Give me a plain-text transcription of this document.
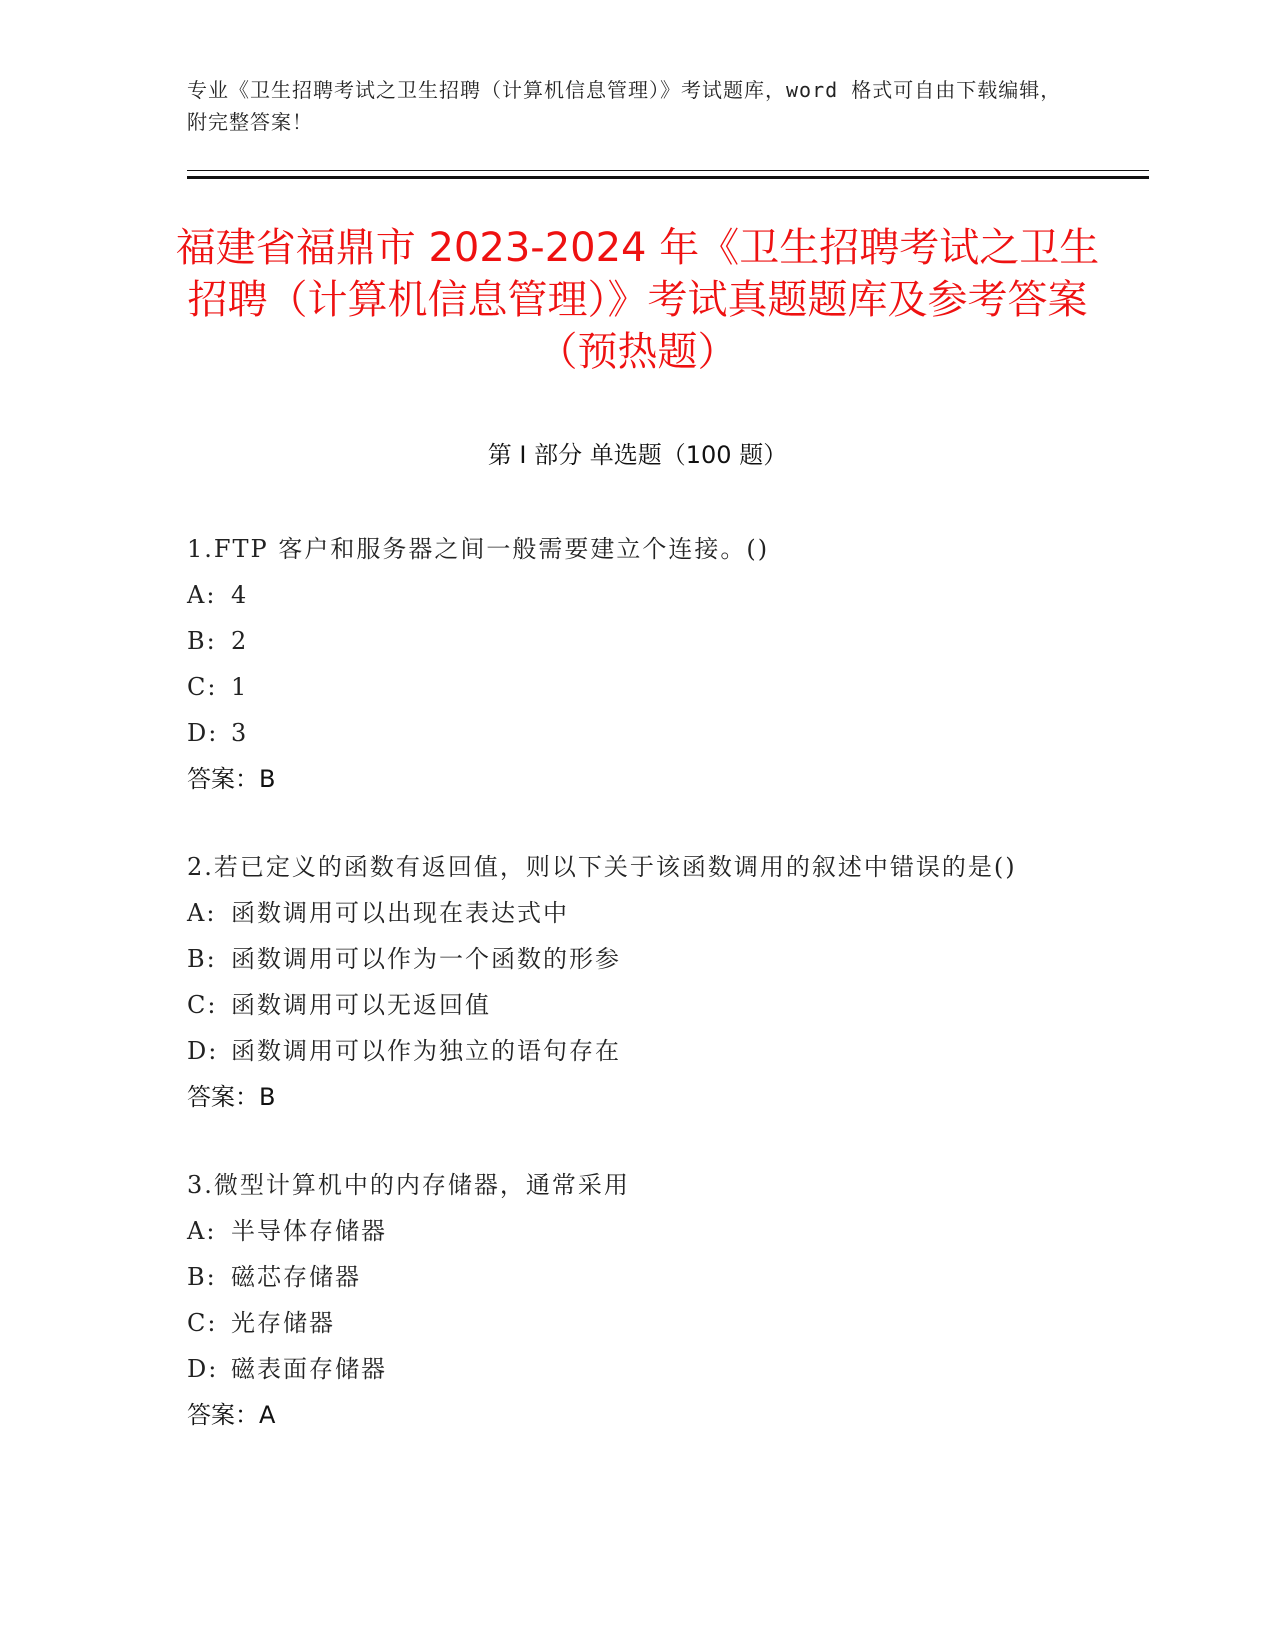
专业《卫生招聘考试之卫生招聘（计算机信息管理）》考试题库，word 格式可自由下载编辑，附完整答案！
福建省福鼎市 2023-2024 年《卫生招聘考试之卫生招聘（计算机信息管理）》考试真题题库及参考答案（预热题）
第 I 部分 单选题（100 题）

1.FTP 客户和服务器之间一般需要建立个连接。()

A: 4

B: 2

C: 1

D: 3

答案：B

2.若已定义的函数有返回值，则以下关于该函数调用的叙述中错误的是()

A: 函数调用可以出现在表达式中

B: 函数调用可以作为一个函数的形参

C: 函数调用可以无返回值

D: 函数调用可以作为独立的语句存在

答案：B

3.微型计算机中的内存储器，通常采用

A: 半导体存储器

B: 磁芯存储器

C: 光存储器

D: 磁表面存储器

答案：A
